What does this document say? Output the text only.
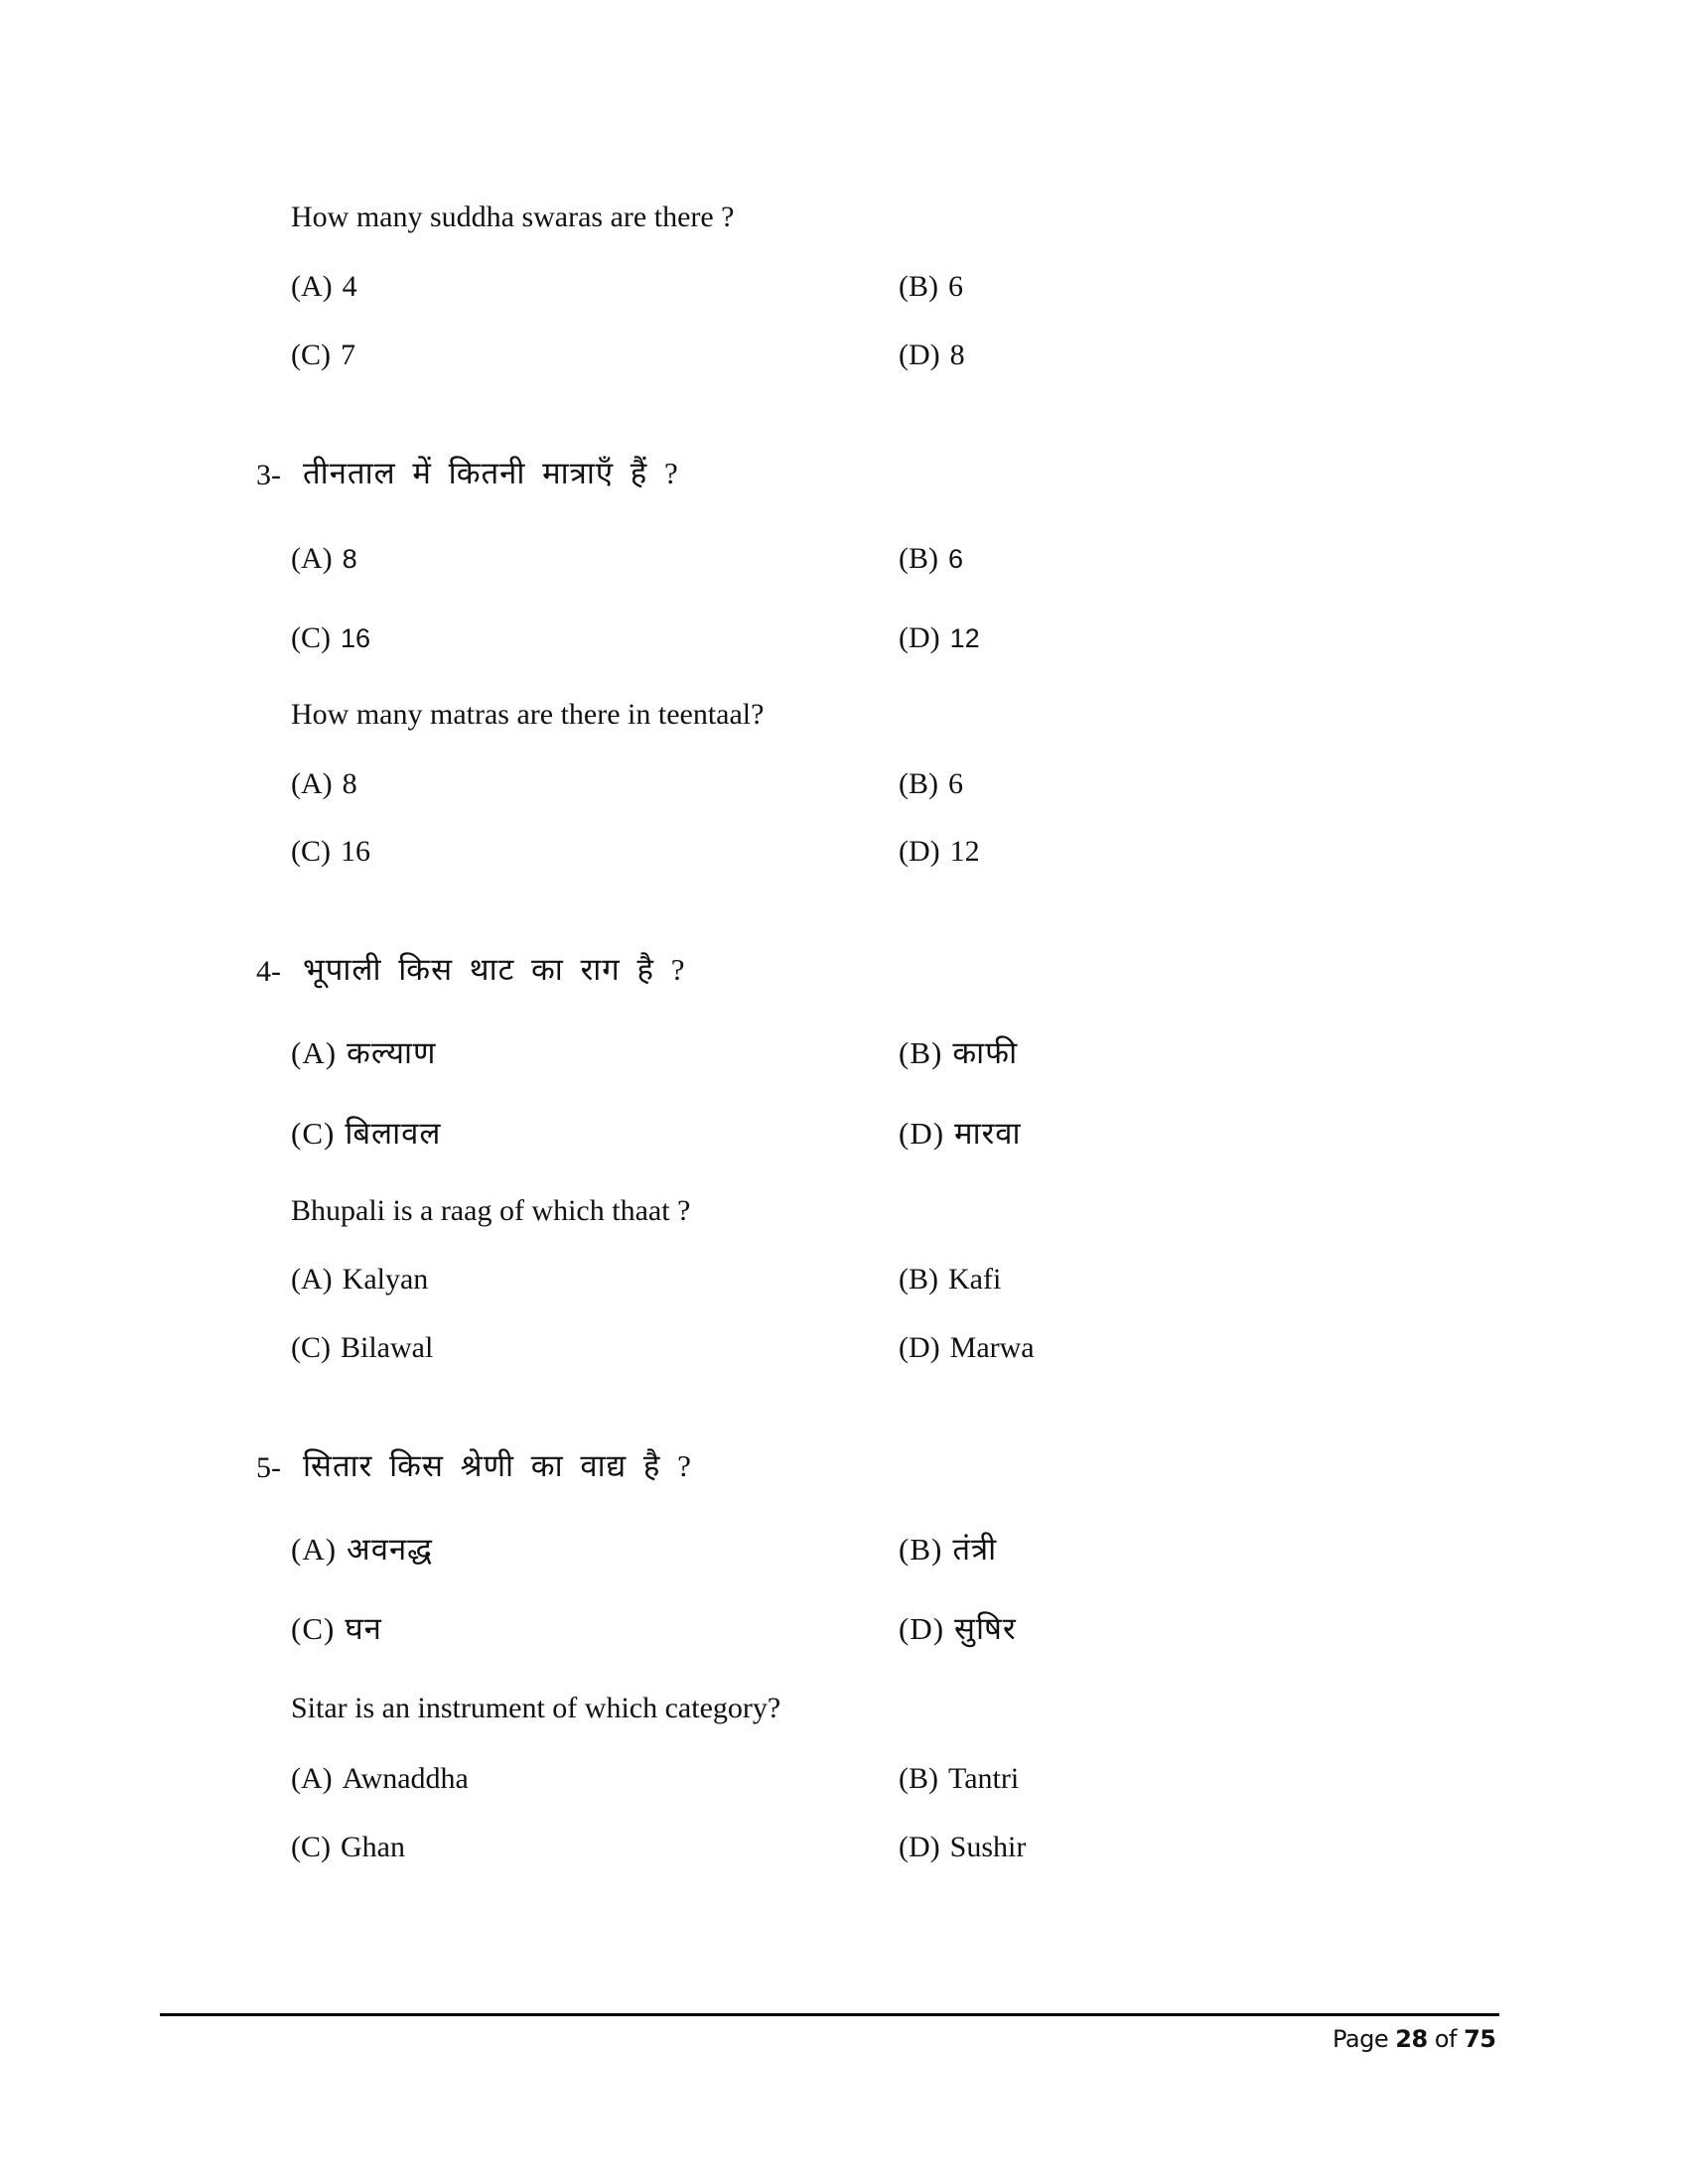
How many suddha swaras are there ?
(A) 4	(B) 6
(C) 7	(D) 8
3- तीनताल में कितनी मात्राएँ हैं ?
(A) 8	(B) 6
(C) 16	(D) 12
How many matras are there in teentaal?
(A) 8	(B) 6
(C) 16	(D) 12
4- भूपाली किस थाट का राग है ?
(A) कल्याण	(B) काफी
(C) बिलावल	(D) मारवा
Bhupali is a raag of which thaat ?
(A) Kalyan	(B) Kafi
(C) Bilawal	(D) Marwa
5- सितार किस श्रेणी का वाद्य है ?
(A) अवनद्ध	(B) तंत्री
(C) घन	(D) सुषिर
Sitar is an instrument of which category?
(A) Awnaddha	(B) Tantri
(C) Ghan	(D) Sushir
Page 28 of 75
